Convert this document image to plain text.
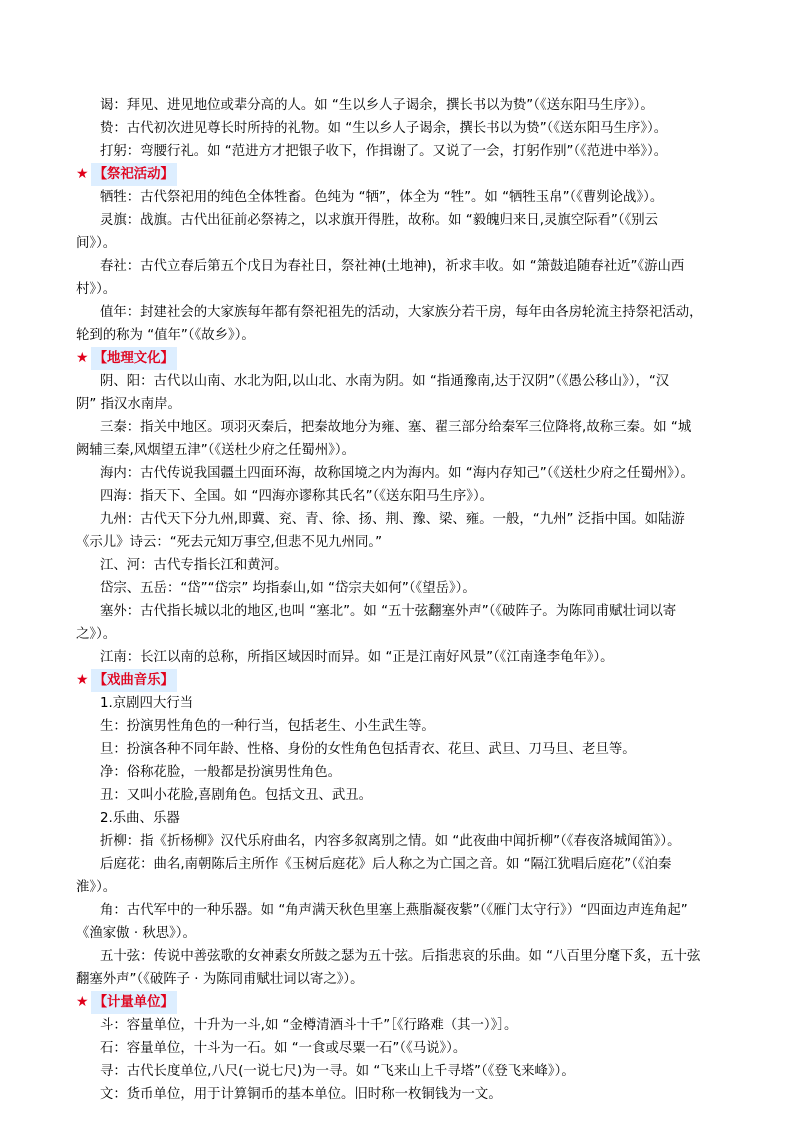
谒：拜见、进见地位或辈分高的人。如 “生以乡人子谒余，撰长书以为贽”（《送东阳马生序》）。
贽：古代初次进见尊长时所持的礼物。如 “生以乡人子谒余，撰长书以为贽”（《送东阳马生序》）。
打躬：弯腰行礼。如 “范进方才把银子收下，作揖谢了。又说了一会，打躬作别”（《范进中举》）。
★ 【祭祀活动】
牺牲：古代祭祀用的纯色全体牲畜。色纯为 “牺”，体全为 “牲”。如 “牺牲玉帛”（《曹刿论战》）。
灵旗：战旗。古代出征前必祭祷之，以求旗开得胜，故称。如 “毅魄归来日,灵旗空际看”（《别云
间》）。
春社：古代立春后第五个戊日为春社日，祭社神(土地神)，祈求丰收。如 “箫鼓追随春社近”《游山西
村》）。
值年：封建社会的大家族每年都有祭祀祖先的活动，大家族分若干房，每年由各房轮流主持祭祀活动，
轮到的称为 “值年”（《故乡》）。
★ 【地理文化】
阴、阳：古代以山南、水北为阳,以山北、水南为阴。如 “指通豫南,达于汉阴”（《愚公移山》），“汉
阴” 指汉水南岸。
三秦：指关中地区。项羽灭秦后，把秦故地分为雍、塞、翟三部分给秦军三位降将,故称三秦。如 “城
阙辅三秦,风烟望五津”（《送杜少府之任蜀州》）。
海内：古代传说我国疆土四面环海，故称国境之内为海内。如 “海内存知己”（《送杜少府之任蜀州》）。
四海：指天下、全国。如 “四海亦谬称其氏名”（《送东阳马生序》）。
九州：古代天下分九州,即冀、兖、青、徐、扬、荆、豫、梁、雍。一般，“九州” 泛指中国。如陆游
《示儿》诗云：“死去元知万事空,但悲不见九州同。”
江、河：古代专指长江和黄河。
岱宗、五岳：“岱”“岱宗” 均指泰山,如 “岱宗夫如何”（《望岳》）。
塞外：古代指长城以北的地区,也叫 “塞北”。如 “五十弦翻塞外声”（《破阵子。为陈同甫赋壮词以寄
之》）。
江南：长江以南的总称，所指区域因时而异。如 “正是江南好风景”（《江南逢李龟年》）。
★ 【戏曲音乐】
1.京剧四大行当
生：扮演男性角色的一种行当，包括老生、小生武生等。
旦：扮演各种不同年龄、性格、身份的女性角色包括青衣、花旦、武旦、刀马旦、老旦等。
净：俗称花脸，一般都是扮演男性角色。
丑：又叫小花脸,喜剧角色。包括文丑、武丑。
2.乐曲、乐器
折柳：指《折杨柳》汉代乐府曲名，内容多叙离别之情。如 “此夜曲中闻折柳”（《春夜洛城闻笛》）。
后庭花：曲名,南朝陈后主所作《玉树后庭花》后人称之为亡国之音。如 “隔江犹唱后庭花”（《泊秦
淮》）。
角：古代军中的一种乐器。如 “角声满天秋色里塞上燕脂凝夜紫”（《雁门太守行》）“四面边声连角起”
《渔家傲 · 秋思》）。
五十弦：传说中善弦歌的女神素女所鼓之瑟为五十弦。后指悲哀的乐曲。如 “八百里分麾下炙，五十弦
翻塞外声”（《破阵子 · 为陈同甫赋壮词以寄之》）。
★ 【计量单位】
斗：容量单位，十升为一斗,如 “金樽清酒斗十千”［《行路难（其一）》］。
石：容量单位，十斗为一石。如 “一食或尽粟一石”（《马说》）。
寻：古代长度单位,八尺(一说七尺)为一寻。如 “飞来山上千寻塔”（《登飞来峰》）。
文：货币单位，用于计算铜币的基本单位。旧时称一枚铜钱为一文。
